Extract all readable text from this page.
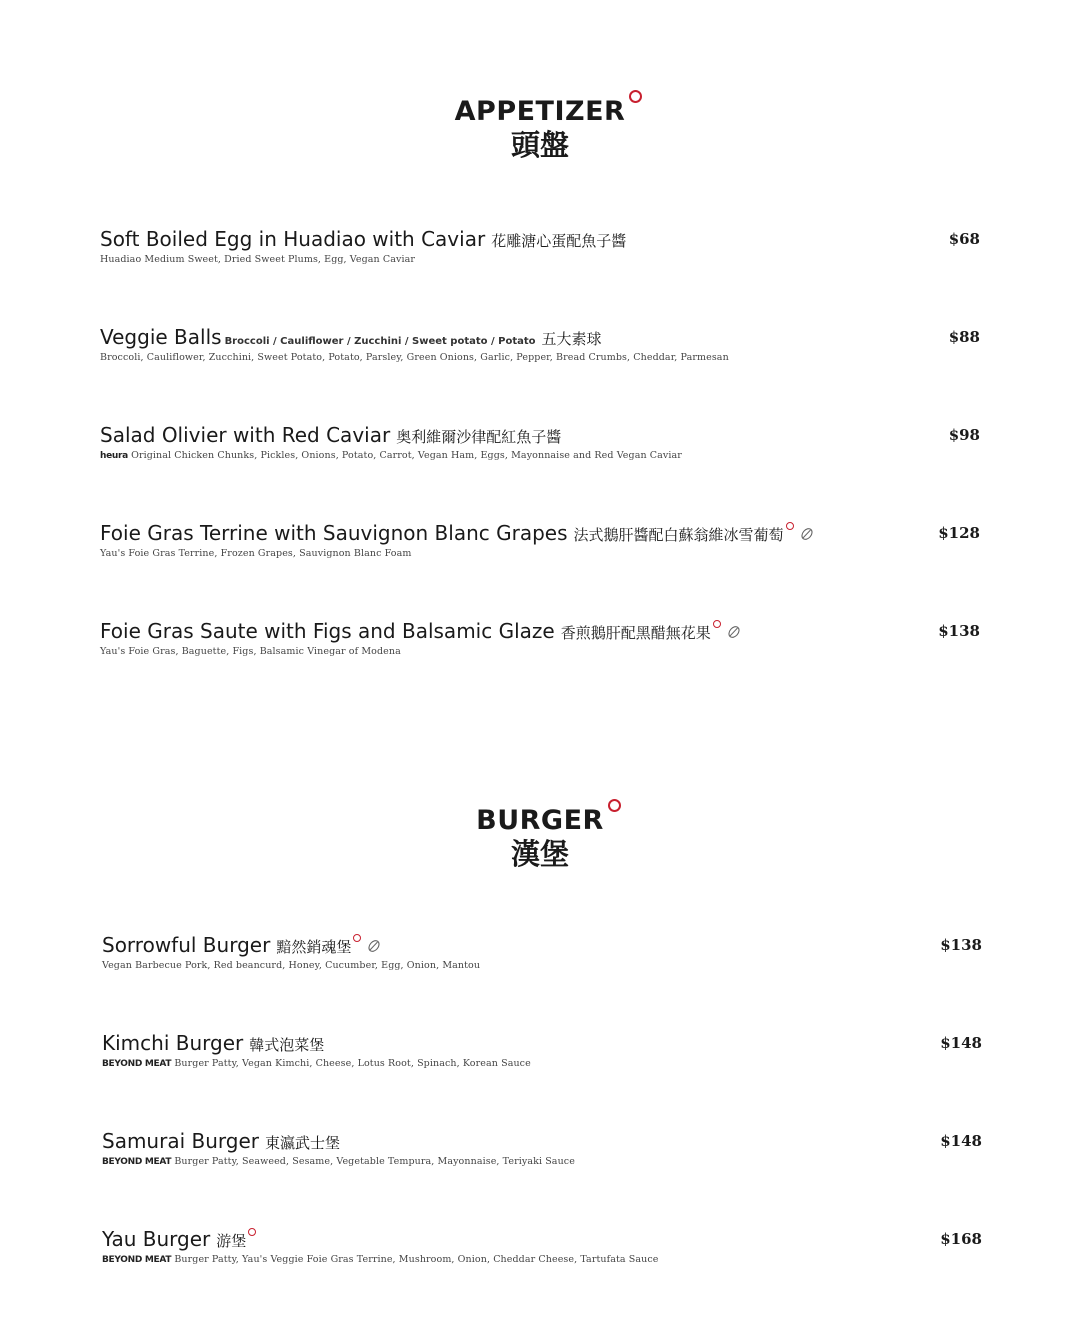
APPETIZER
頭盤
Soft Boiled Egg in Huadiao with Caviar 花雕溏心蛋配魚子醬
Huadiao Medium Sweet, Dried Sweet Plums, Egg, Vegan Caviar
$68
Veggie Balls Broccoli / Cauliflower / Zucchini / Sweet potato / Potato 五大素球
Broccoli, Cauliflower, Zucchini, Sweet Potato, Potato, Parsley, Green Onions, Garlic, Pepper, Bread Crumbs, Cheddar, Parmesan
$88
Salad Olivier with Red Caviar 奥利維爾沙律配紅魚子醬
heura Original Chicken Chunks, Pickles, Onions, Potato, Carrot, Vegan Ham, Eggs, Mayonnaise and Red Vegan Caviar
$98
Foie Gras Terrine with Sauvignon Blanc Grapes 法式鵝肝醬配白蘇翁維冰雪葡萄
Yau's Foie Gras Terrine, Frozen Grapes, Sauvignon Blanc Foam
$128
Foie Gras Saute with Figs and Balsamic Glaze 香煎鵝肝配黑醋無花果
Yau's Foie Gras, Baguette, Figs, Balsamic Vinegar of Modena
$138
BURGER
漢堡
Sorrowful Burger 黯然銷魂堡
Vegan Barbecue Pork, Red beancurd, Honey, Cucumber, Egg, Onion, Mantou
$138
Kimchi Burger 韓式泡菜堡
BEYOND MEAT Burger Patty, Vegan Kimchi, Cheese, Lotus Root, Spinach, Korean Sauce
$148
Samurai Burger 東瀛武士堡
BEYOND MEAT Burger Patty, Seaweed, Sesame, Vegetable Tempura, Mayonnaise, Teriyaki Sauce
$148
Yau Burger 游堡
BEYOND MEAT Burger Patty, Yau's Veggie Foie Gras Terrine, Mushroom, Onion, Cheddar Cheese, Tartufata Sauce
$168
